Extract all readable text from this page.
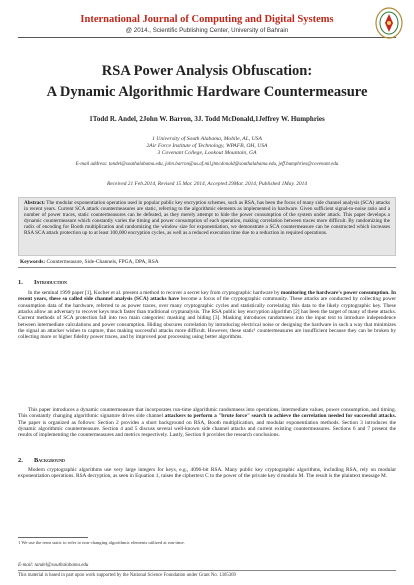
International Journal of Computing and Digital Systems
@ 2014., Scientific Publishing Center, University of Bahrain
RSA Power Analysis Obfuscation:
A Dynamic Algorithmic Hardware Countermeasure
1Todd R. Andel, 2John W. Barron, 3J. Todd McDonald,1Jeffrey W. Humphries
1 University of South Alabama, Mobile, AL, USA
2Air Force Institute of Technology, WPAFB, OH, USA
3 Covenant College, Lookout Mountain, GA
E-mail address: tandel@southalabama.edu, john.barron@us.af.mil,jtmcdonald@southalabama.edu, jeff.humphries@covenant.edu
Received 21 Feb.2014, Revised 15 Mar. 2014, Accepted 29Mar. 2014, Published 1May. 2014
Abstract: The modular exponentiation operation used in popular public key encryption schemes, such as RSA, has been the focus of many side channel analysis (SCA) attacks in recent years. Current SCA attack countermeasures are static, referring to the algorithmic elements as implemented in hardware. Given sufficient signal-to-noise ratio and a number of power traces, static countermeasures can be defeated, as they merely attempt to hide the power consumption of the system under attack. This paper develops a dynamic countermeasure which constantly varies the timing and power consumption of each operation, making correlation between traces more difficult. By randomizing the radix of encoding for Booth multiplication and randomizing the window size for exponentiation, we demonstrate a SCA countermeasure can be constructed which increases RSA SCA attack protection up to at least 100,000 encryption cycles, as well as a reduced execution time due to a reduction in required operations.
Keywords: Countermeasure, Side-Channels, FPGA, DPA, RSA
1. Introduction
In the seminal 1999 paper [1], Kocher et al. present a method to recover a secret key from cryptographic hardware by monitoring the hardware's power consumption. In recent years, these so called side channel analysis (SCA) attacks have become a focus of the cryptographic community. These attacks are conducted by collecting power consumption data of the hardware, referred to as power traces, over many cryptographic cycles and statistically correlating this data to the likely cryptographic key. These attacks allow an adversary to recover keys much faster than traditional cryptanalysis. The RSA public key encryption algorithm [2] has been the target of many of these attacks. Current methods of SCA protection fall into two main categories: masking and hiding [3]. Masking introduces randomness into the input text to introduce independence between intermediate calculations and power consumption. Hiding obscures correlation by introducing electrical noise or designing the hardware in such a way that minimizes the signal an attacker wishes to capture, thus making successful attacks more difficult. However, these static¹ countermeasures are insufficient because they can be broken by collecting more or higher fidelity power traces, and by improved post processing using better algorithms.
This paper introduces a dynamic countermeasure that incorporates run-time algorithmic randomness into operations, intermediate values, power consumption, and timing. This constantly changing algorithmic signature drives side channel attackers to perform a "brute force" search to achieve the correlation needed for successful attacks. The paper is organized as follows: Section 2 provides a short background on RSA, Booth multiplication, and modular exponentiation methods. Section 3 introduces the dynamic algorithmic countermeasure. Section 4 and 5 discuss several well-known side channel attacks and current existing countermeasures. Sections 6 and 7 present the results of implementing the countermeasures and metrics respectively. Lastly, Section 8 provides the research conclusions.
2. Background
Modern cryptographic algorithms use very large integers for keys, e.g., 4096-bit RSA. Many public key cryptographic algorithms, including RSA, rely on modular exponentiation operations. RSA decryption, as seen in Equation 1, raises the ciphertext C to the power of the private key d modulo M. The result is the plaintext message M.
1 We use the term static to refer to non-changing algorithmic elements utilized at run-time.
E-mail: tandel@southalabama.edu
This material is based in part upon work supported by the National Science Foundation under Grant No. 1305369
